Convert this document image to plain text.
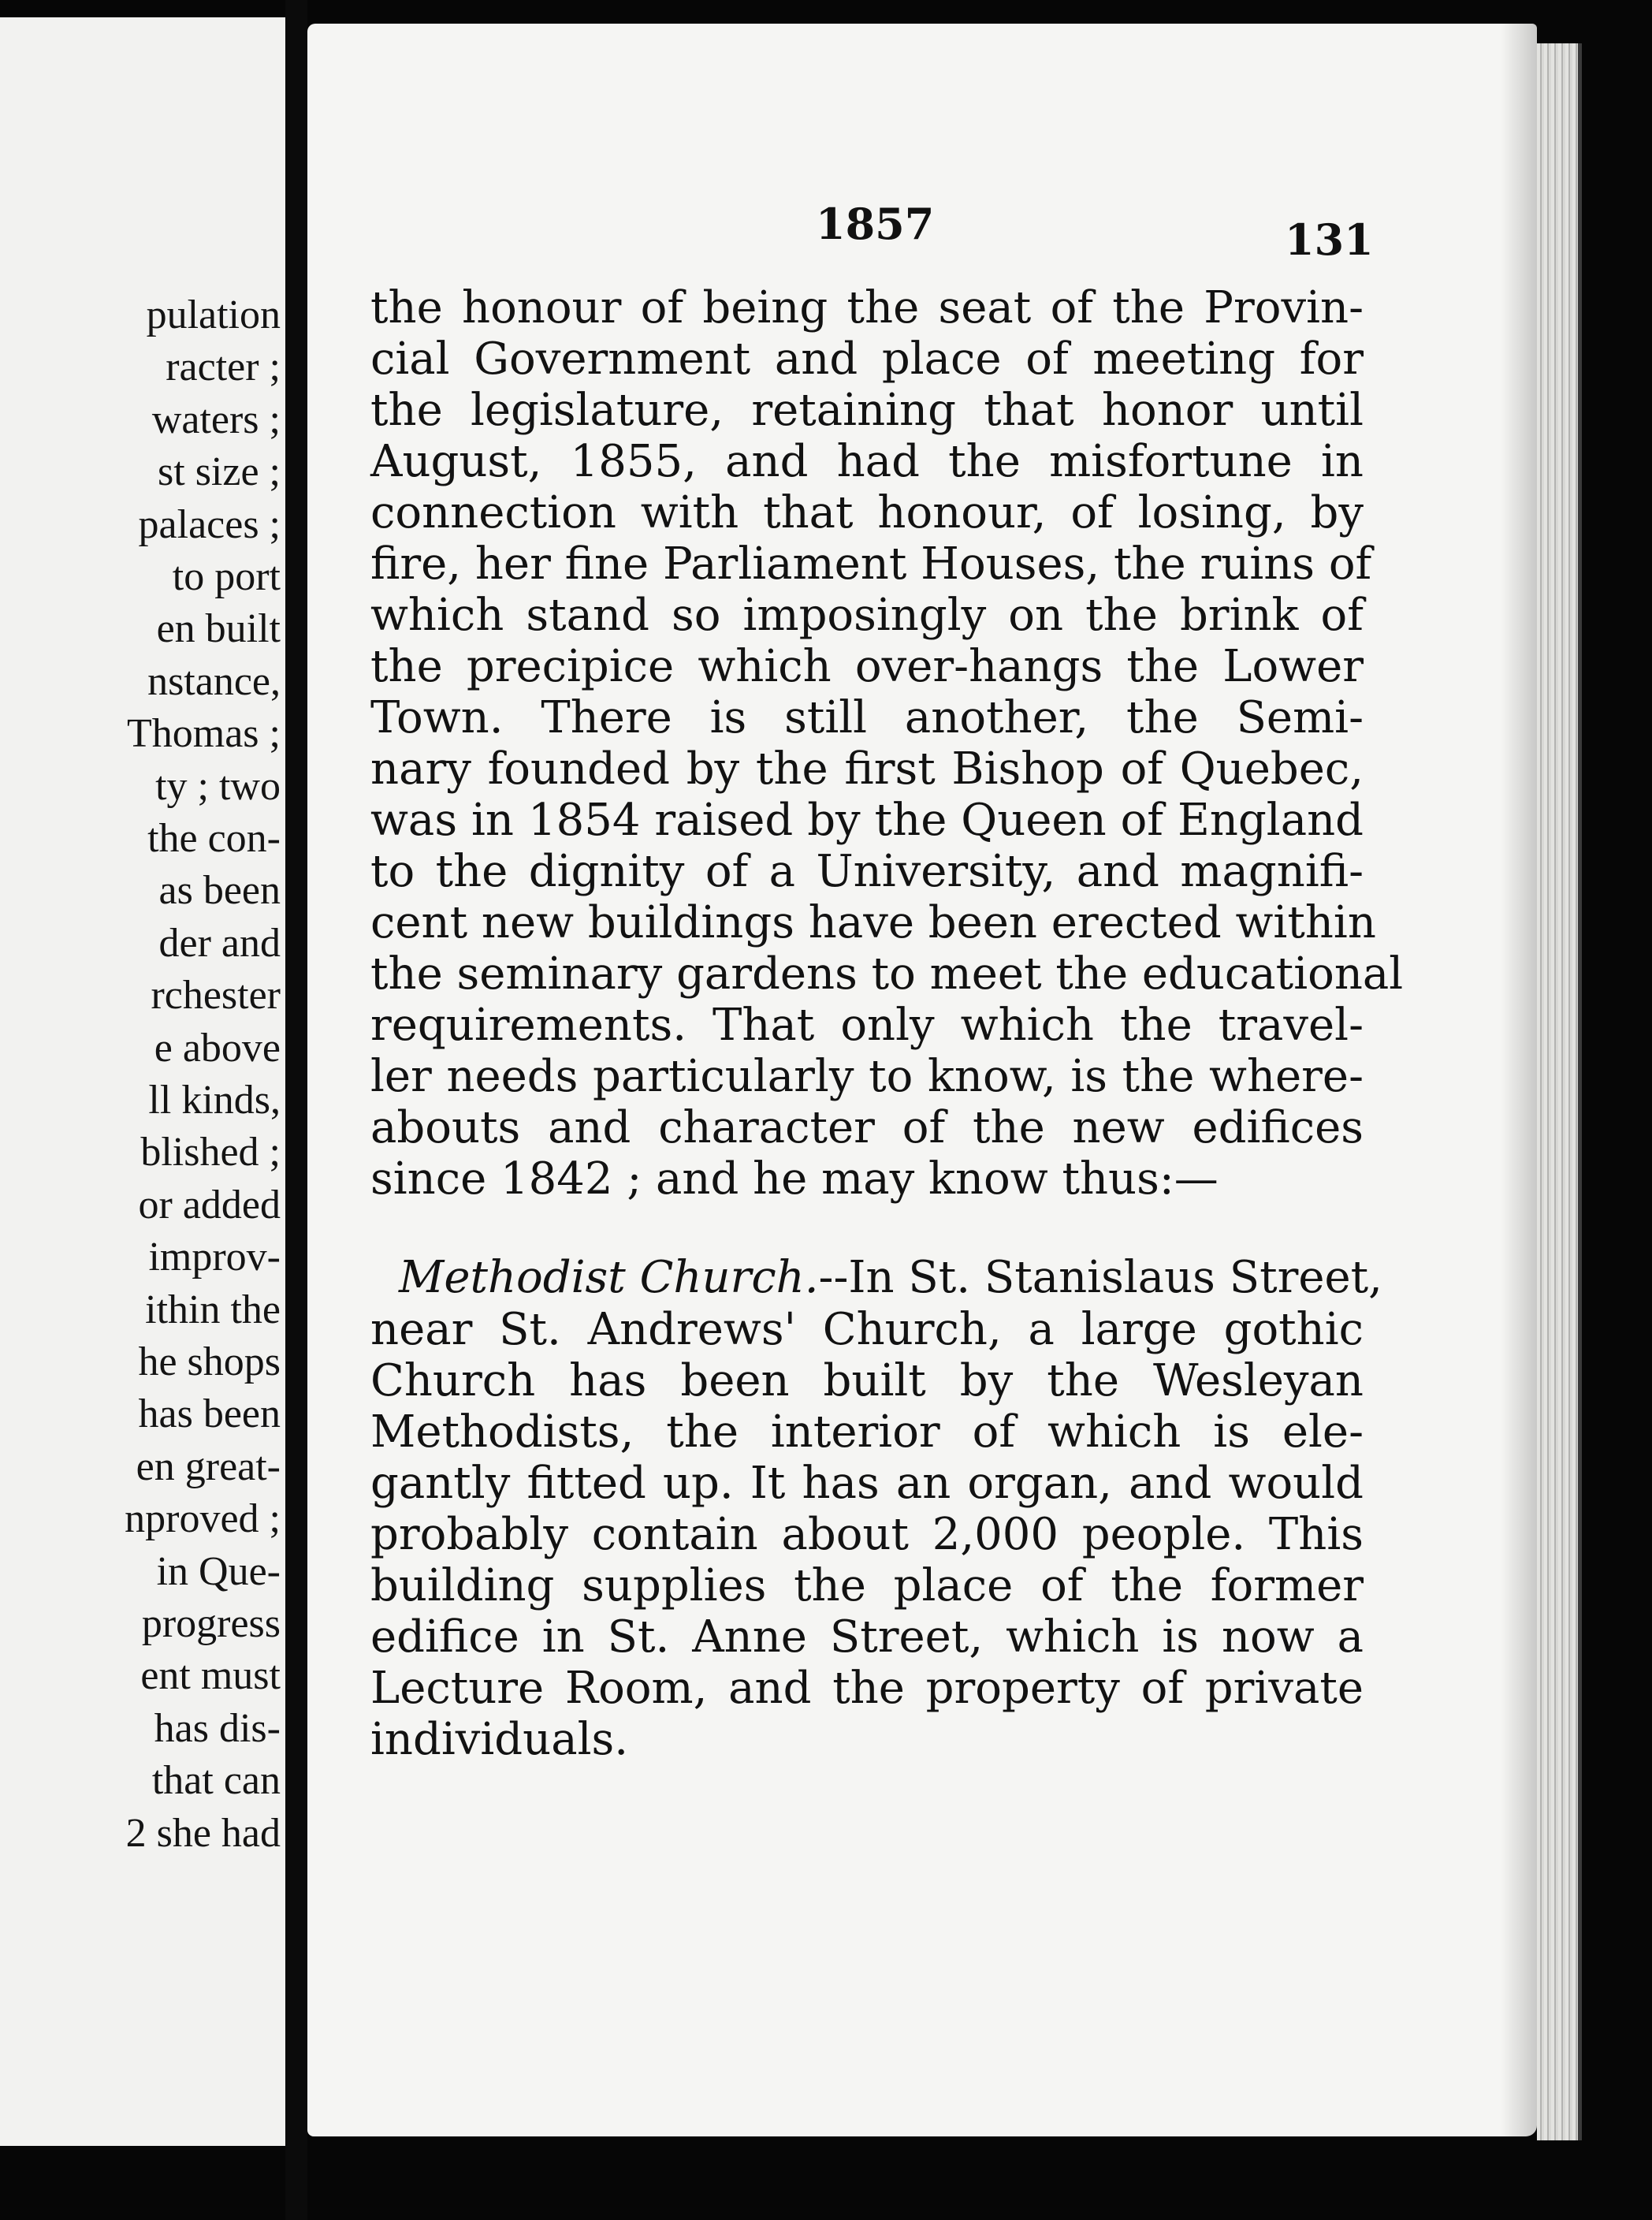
pulation
racter ;
waters ;
st size ;
palaces ;
to port
en built
nstance,
Thomas ;
ty ; two
the con-
as been
der and
rchester
e above
ll kinds,
blished ;
or added
improv-
ithin the
he shops
has been
en great-
nproved ;
in Que-
progress
ent must
has dis-
that can
2 she had
1857	131
the honour of being the seat of the Provin-
cial Government and place of meeting for
the legislature, retaining that honor until
August, 1855, and had the misfortune in
connection with that honour, of losing, by
fire, her fine Parliament Houses, the ruins of
which stand so imposingly on the brink of
the precipice which over-hangs the Lower
Town. There is still another, the Semi-
nary founded by the first Bishop of Quebec,
was in 1854 raised by the Queen of England
to the dignity of a University, and magnifi-
cent new buildings have been erected within
the seminary gardens to meet the educational
requirements. That only which the travel-
ler needs particularly to know, is the where-
abouts and character of the new edifices
since 1842 ; and he may know thus:—
Methodist Church.--In St. Stanislaus Street,
near St. Andrews' Church, a large gothic
Church has been built by the Wesleyan
Methodists, the interior of which is ele-
gantly fitted up. It has an organ, and would
probably contain about 2,000 people. This
building supplies the place of the former
edifice in St. Anne Street, which is now a
Lecture Room, and the property of private
individuals.
